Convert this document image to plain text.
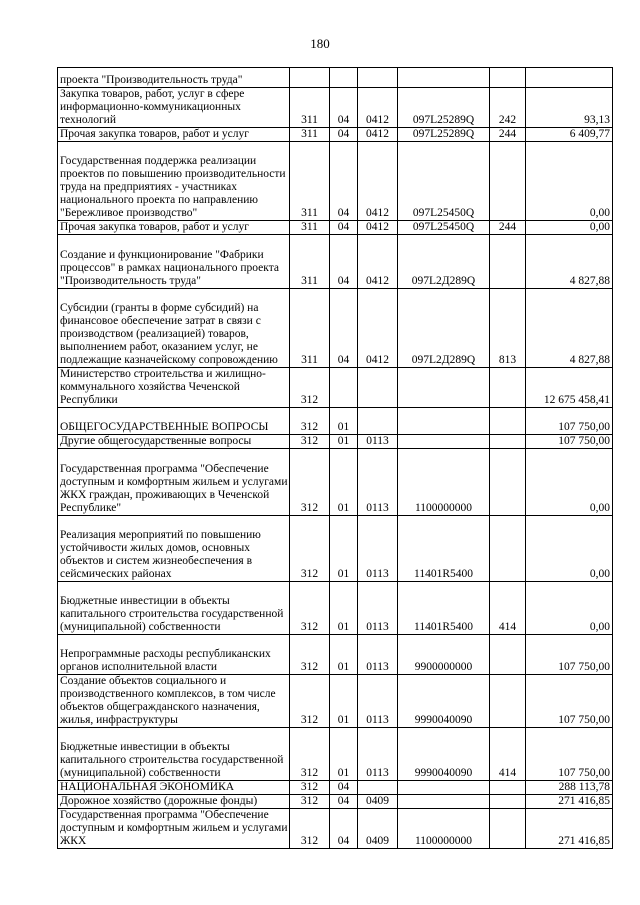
180
проекта "Производительность труда"						
Закупка товаров, работ, услуг в сфере информационно-коммуникационных технологий	311	04	0412	097L25289Q	242	93,13
Прочая закупка товаров, работ и услуг	311	04	0412	097L25289Q	244	6 409,77
Государственная поддержка реализации проектов по повышению производительности труда на предприятиях - участниках национального проекта по направлению "Бережливое производство"	311	04	0412	097L25450Q		0,00
Прочая закупка товаров, работ и услуг	311	04	0412	097L25450Q	244	0,00
Создание и функционирование "Фабрики процессов" в рамках национального проекта "Производительность труда"	311	04	0412	097L2Д289Q		4 827,88
Субсидии (гранты в форме субсидий) на финансовое обеспечение затрат в связи с производством (реализацией) товаров, выполнением работ, оказанием услуг, не подлежащие казначейскому сопровождению	311	04	0412	097L2Д289Q	813	4 827,88
Министерство строительства и жилищно-коммунального хозяйства Чеченской Республики	312					12 675 458,41
ОБЩЕГОСУДАРСТВЕННЫЕ ВОПРОСЫ	312	01				107 750,00
Другие общегосударственные вопросы	312	01	0113			107 750,00
Государственная программа "Обеспечение доступным и комфортным жильем и услугами ЖКХ граждан, проживающих в Чеченской Республике"	312	01	0113	1100000000		0,00
Реализация мероприятий по повышению устойчивости жилых домов, основных объектов и систем жизнеобеспечения в сейсмических районах	312	01	0113	11401R5400		0,00
Бюджетные инвестиции в объекты капитального строительства государственной (муниципальной) собственности	312	01	0113	11401R5400	414	0,00
Непрограммные расходы республиканских органов исполнительной власти	312	01	0113	9900000000		107 750,00
Создание объектов социального и производственного комплексов, в том числе объектов общегражданского назначения, жилья, инфраструктуры	312	01	0113	9990040090		107 750,00
Бюджетные инвестиции в объекты капитального строительства государственной (муниципальной) собственности	312	01	0113	9990040090	414	107 750,00
НАЦИОНАЛЬНАЯ ЭКОНОМИКА	312	04				288 113,78
Дорожное хозяйство (дорожные фонды)	312	04	0409			271 416,85
Государственная программа "Обеспечение доступным и комфортным жильем и услугами ЖКХ	312	04	0409	1100000000		271 416,85
